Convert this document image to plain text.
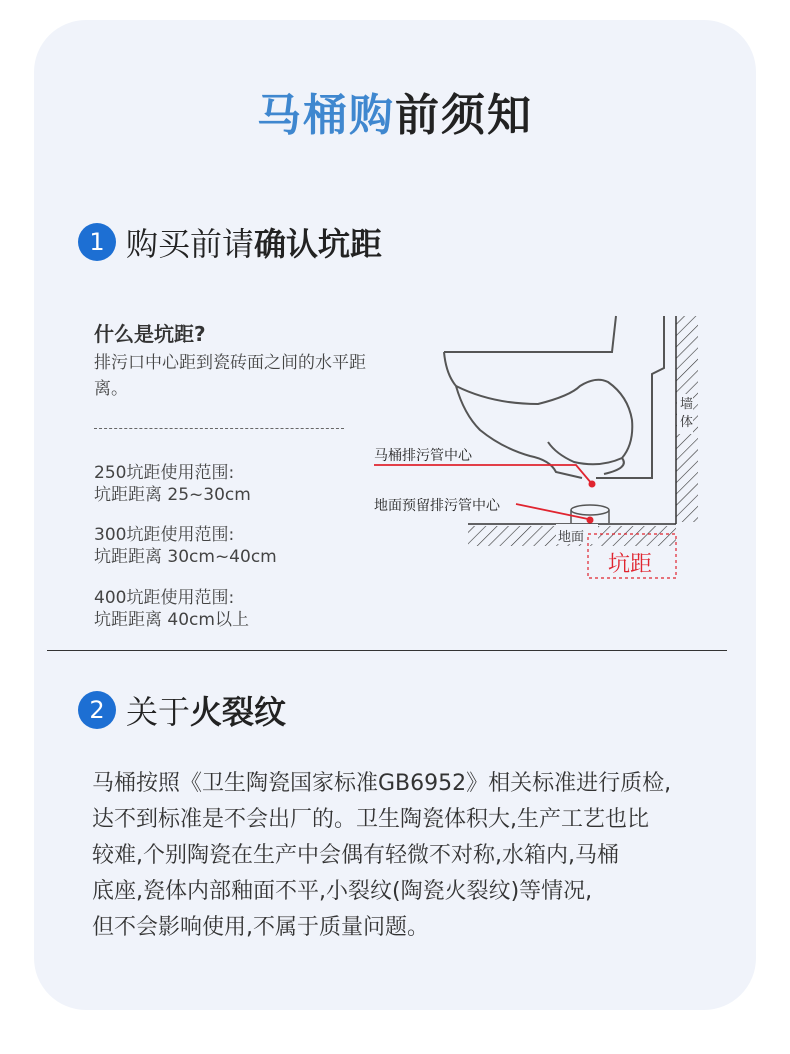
马桶购前须知
1 购买前请确认坑距
什么是坑距?
排污口中心距到瓷砖面之间的水平距离。
250坑距使用范围:
坑距距离 25~30cm
300坑距使用范围:
坑距距离 30cm~40cm
400坑距使用范围:
坑距距离 40cm以上
墙
体
地面
马桶排污管中心
地面预留排污管中心
坑距
2 关于火裂纹

马桶按照《卫生陶瓷国家标准GB6952》相关标准进行质检,

达不到标准是不会出厂的。卫生陶瓷体积大,生产工艺也比

较难,个别陶瓷在生产中会偶有轻微不对称,水箱内,马桶

底座,瓷体内部釉面不平,小裂纹(陶瓷火裂纹)等情况,

但不会影响使用,不属于质量问题。
